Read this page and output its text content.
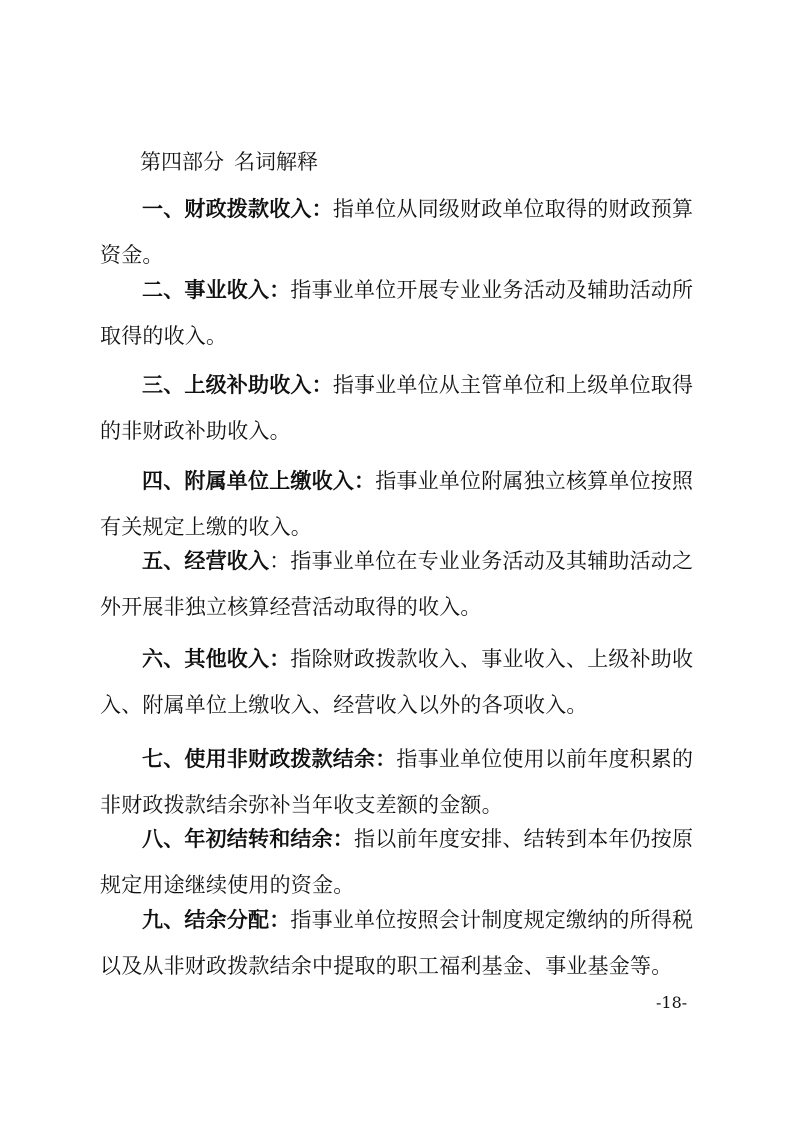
第四部分 名词解释

一、财政拨款收入：指单位从同级财政单位取得的财政预算资金。

二、事业收入：指事业单位开展专业业务活动及辅助活动所取得的收入。

三、上级补助收入：指事业单位从主管单位和上级单位取得的非财政补助收入。

四、附属单位上缴收入：指事业单位附属独立核算单位按照有关规定上缴的收入。

五、经营收入：指事业单位在专业业务活动及其辅助活动之外开展非独立核算经营活动取得的收入。

六、其他收入：指除财政拨款收入、事业收入、上级补助收入、附属单位上缴收入、经营收入以外的各项收入。

七、使用非财政拨款结余：指事业单位使用以前年度积累的非财政拨款结余弥补当年收支差额的金额。

八、年初结转和结余：指以前年度安排、结转到本年仍按原规定用途继续使用的资金。

九、结余分配：指事业单位按照会计制度规定缴纳的所得税以及从非财政拨款结余中提取的职工福利基金、事业基金等。

-18-
